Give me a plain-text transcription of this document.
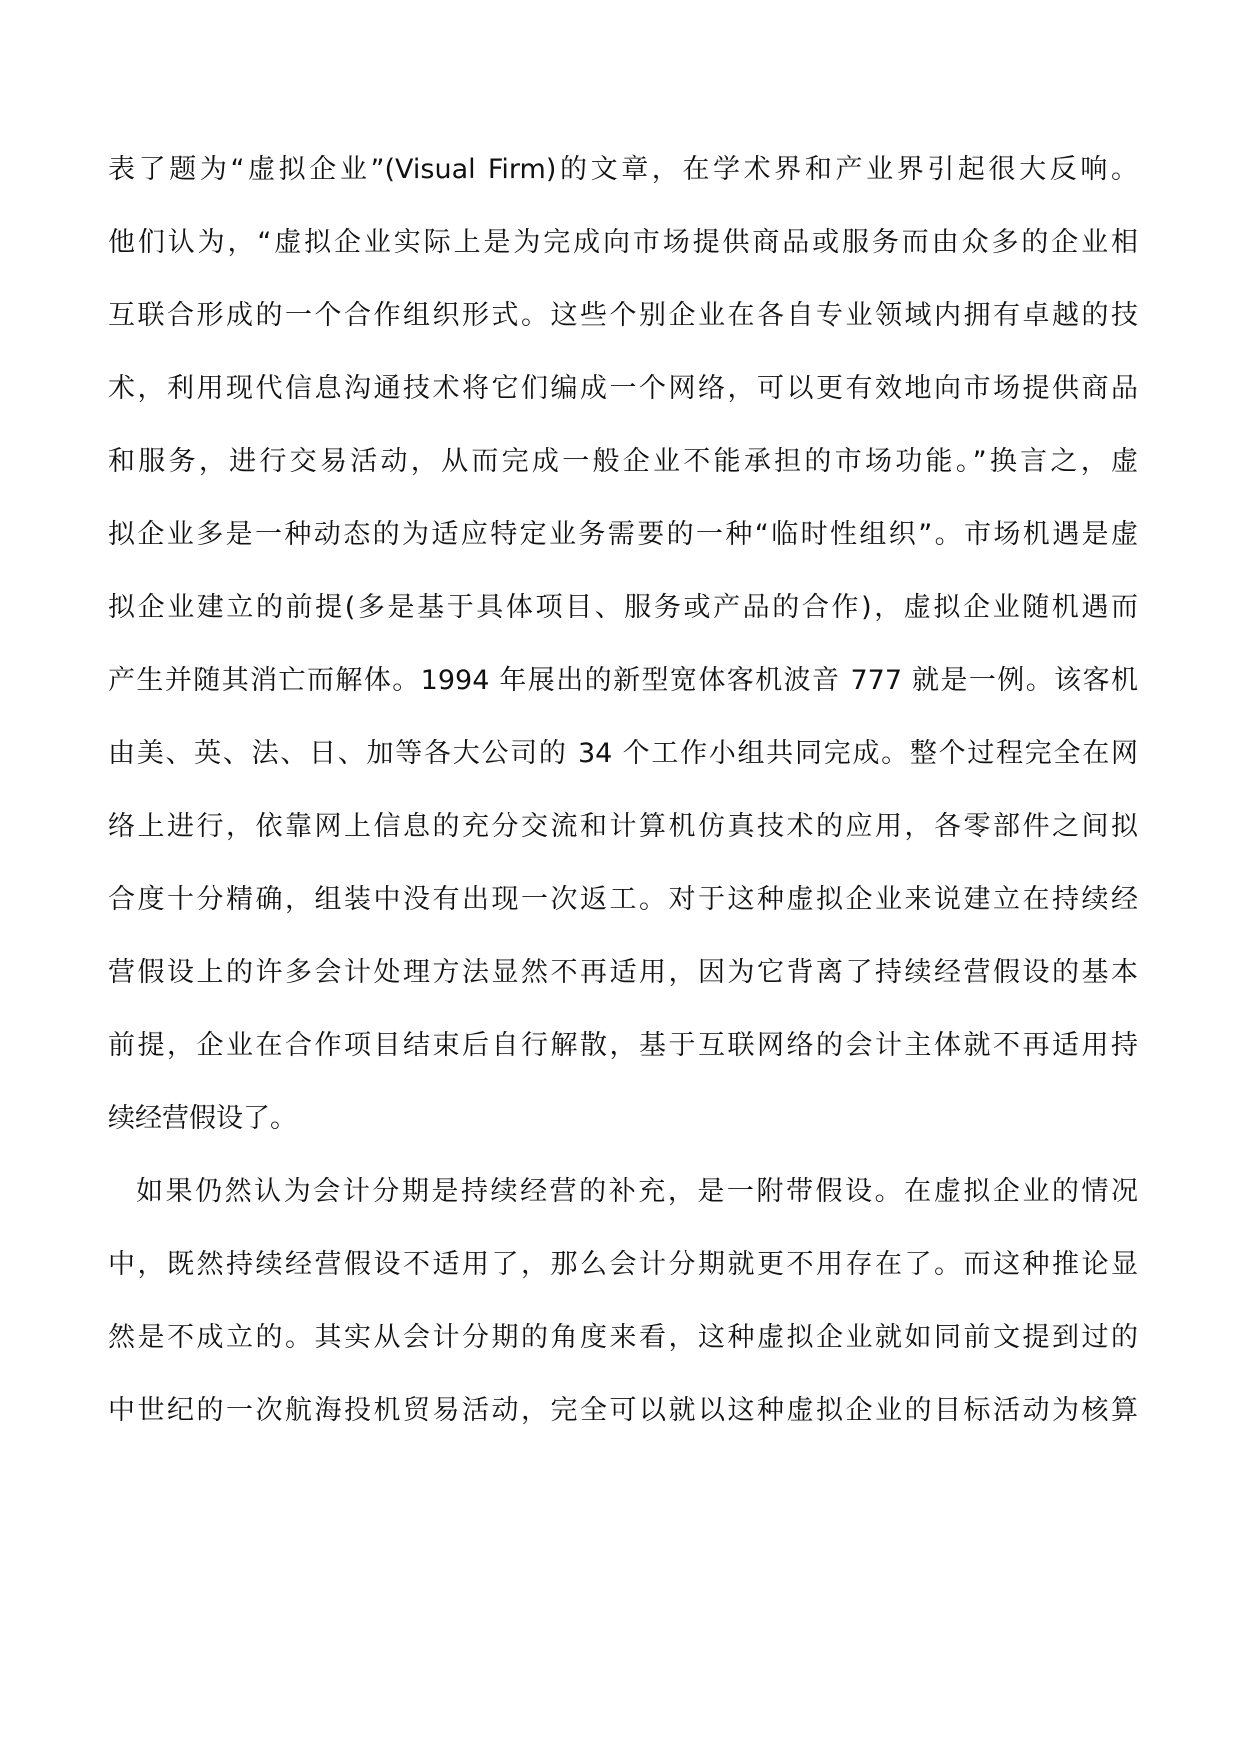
表了题为“虚拟企业”(Visual Firm)的文章，在学术界和产业界引起很大反响。
他们认为，“虚拟企业实际上是为完成向市场提供商品或服务而由众多的企业相
互联合形成的一个合作组织形式。这些个别企业在各自专业领域内拥有卓越的技
术，利用现代信息沟通技术将它们编成一个网络，可以更有效地向市场提供商品
和服务，进行交易活动，从而完成一般企业不能承担的市场功能。”换言之，虚
拟企业多是一种动态的为适应特定业务需要的一种“临时性组织”。市场机遇是虚
拟企业建立的前提(多是基于具体项目、服务或产品的合作)，虚拟企业随机遇而
产生并随其消亡而解体。1994 年展出的新型宽体客机波音 777 就是一例。该客机
由美、英、法、日、加等各大公司的 34 个工作小组共同完成。整个过程完全在网
络上进行，依靠网上信息的充分交流和计算机仿真技术的应用，各零部件之间拟
合度十分精确，组装中没有出现一次返工。对于这种虚拟企业来说建立在持续经
营假设上的许多会计处理方法显然不再适用，因为它背离了持续经营假设的基本
前提，企业在合作项目结束后自行解散，基于互联网络的会计主体就不再适用持
续经营假设了。
如果仍然认为会计分期是持续经营的补充，是一附带假设。在虚拟企业的情况
中，既然持续经营假设不适用了，那么会计分期就更不用存在了。而这种推论显
然是不成立的。其实从会计分期的角度来看，这种虚拟企业就如同前文提到过的
中世纪的一次航海投机贸易活动，完全可以就以这种虚拟企业的目标活动为核算
